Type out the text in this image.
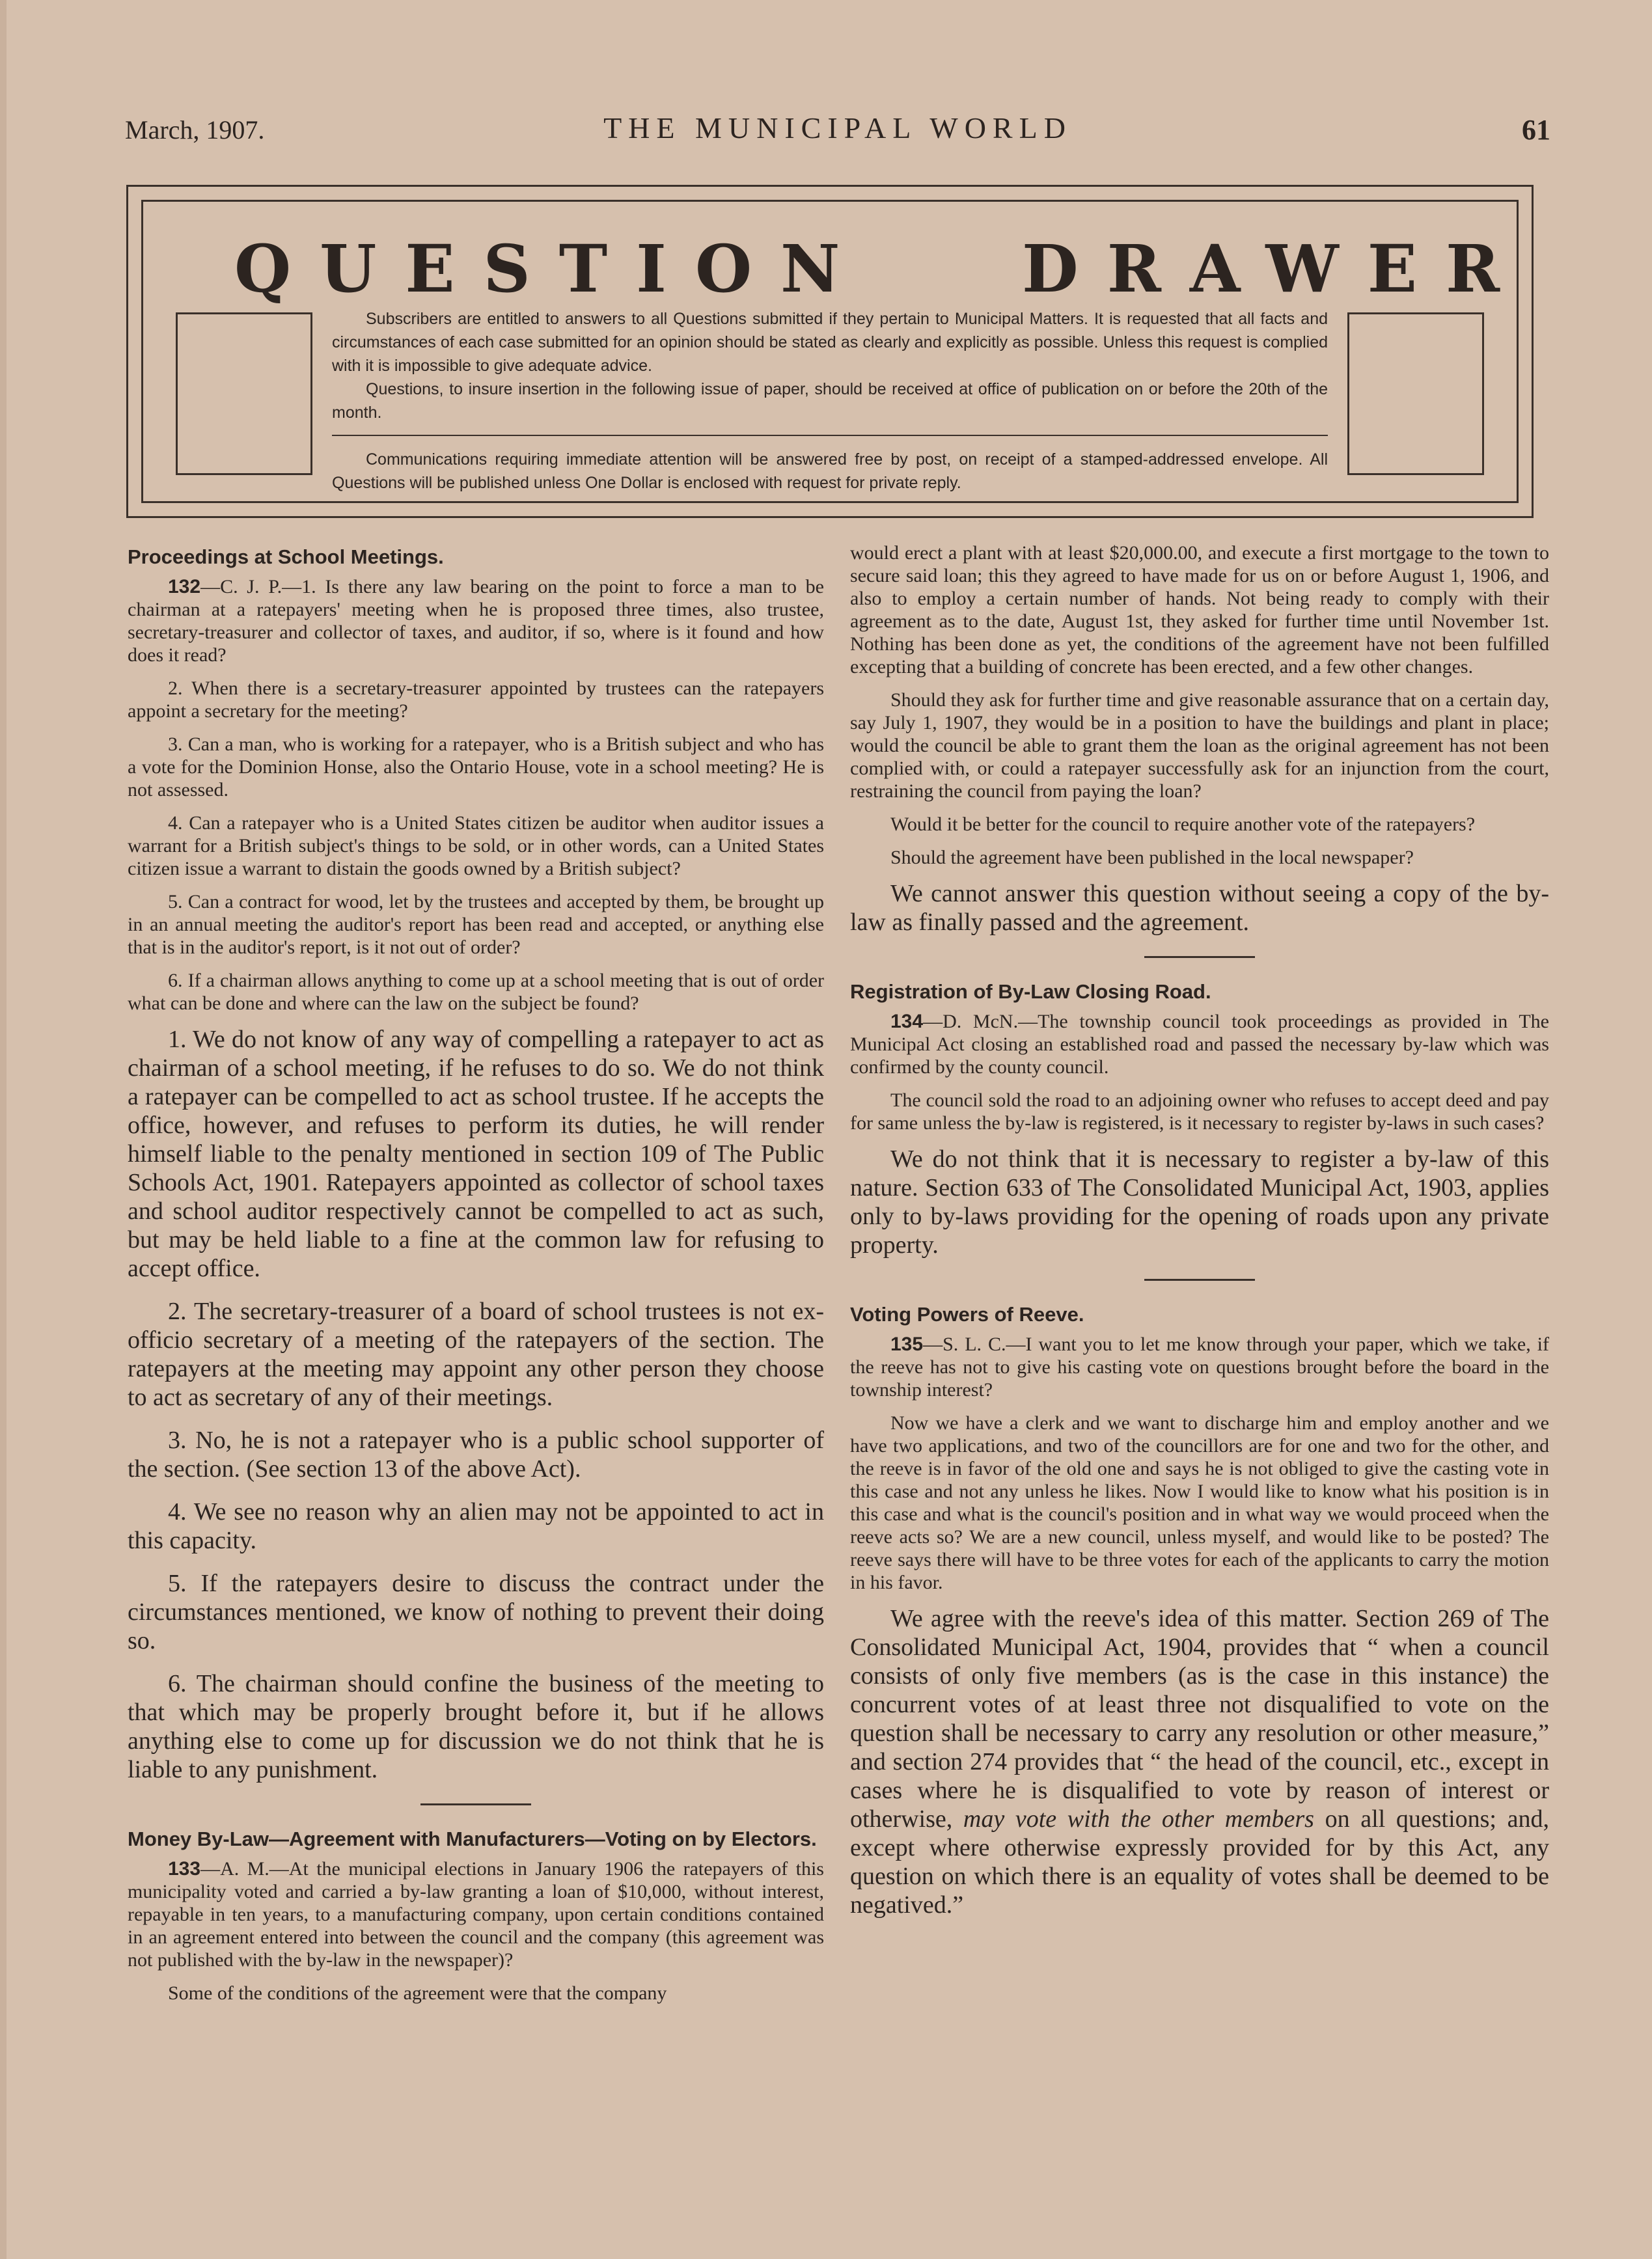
March, 1907.	THE MUNICIPAL WORLD	61
QUESTION DRAWER

Subscribers are entitled to answers to all Questions submitted if they pertain to Municipal Matters. It is requested that all facts and circumstances of each case submitted for an opinion should be stated as clearly and explicitly as possible. Unless this request is complied with it is impossible to give adequate advice.

Questions, to insure insertion in the following issue of paper, should be received at office of publication on or before the 20th of the month.

Communications requiring immediate attention will be answered free by post, on receipt of a stamped-addressed envelope. All Questions will be published unless One Dollar is enclosed with request for private reply.

Proceedings at School Meetings.

132—C. J. P.—1. Is there any law bearing on the point to force a man to be chairman at a ratepayers' meeting when he is proposed three times, also trustee, secretary-treasurer and collector of taxes, and auditor, if so, where is it found and how does it read?

2. When there is a secretary-treasurer appointed by trustees can the ratepayers appoint a secretary for the meeting?

3. Can a man, who is working for a ratepayer, who is a British subject and who has a vote for the Dominion Honse, also the Ontario House, vote in a school meeting? He is not assessed.

4. Can a ratepayer who is a United States citizen be auditor when auditor issues a warrant for a British subject's things to be sold, or in other words, can a United States citizen issue a warrant to distain the goods owned by a British subject?

5. Can a contract for wood, let by the trustees and accepted by them, be brought up in an annual meeting the auditor's report has been read and accepted, or anything else that is in the auditor's report, is it not out of order?

6. If a chairman allows anything to come up at a school meeting that is out of order what can be done and where can the law on the subject be found?

1. We do not know of any way of compelling a ratepayer to act as chairman of a school meeting, if he refuses to do so. We do not think a ratepayer can be compelled to act as school trustee. If he accepts the office, however, and refuses to perform its duties, he will render himself liable to the penalty mentioned in section 109 of The Public Schools Act, 1901. Ratepayers appointed as collector of school taxes and school auditor respectively cannot be compelled to act as such, but may be held liable to a fine at the common law for refusing to accept office.

2. The secretary-treasurer of a board of school trustees is not ex-officio secretary of a meeting of the ratepayers of the section. The ratepayers at the meeting may appoint any other person they choose to act as secretary of any of their meetings.

3. No, he is not a ratepayer who is a public school supporter of the section. (See section 13 of the above Act).

4. We see no reason why an alien may not be appointed to act in this capacity.

5. If the ratepayers desire to discuss the contract under the circumstances mentioned, we know of nothing to prevent their doing so.

6. The chairman should confine the business of the meeting to that which may be properly brought before it, but if he allows anything else to come up for discussion we do not think that he is liable to any punishment.

Money By-Law—Agreement with Manufacturers—Voting on by Electors.

133—A. M.—At the municipal elections in January 1906 the ratepayers of this municipality voted and carried a by-law granting a loan of $10,000, without interest, repayable in ten years, to a manufacturing company, upon certain conditions contained in an agreement entered into between the council and the company (this agreement was not published with the by-law in the newspaper)?

Some of the conditions of the agreement were that the company

would erect a plant with at least $20,000.00, and execute a first mortgage to the town to secure said loan; this they agreed to have made for us on or before August 1, 1906, and also to employ a certain number of hands. Not being ready to comply with their agreement as to the date, August 1st, they asked for further time until November 1st. Nothing has been done as yet, the conditions of the agreement have not been fulfilled excepting that a building of concrete has been erected, and a few other changes.

Should they ask for further time and give reasonable assurance that on a certain day, say July 1, 1907, they would be in a position to have the buildings and plant in place; would the council be able to grant them the loan as the original agreement has not been complied with, or could a ratepayer successfully ask for an injunction from the court, restraining the council from paying the loan?

Would it be better for the council to require another vote of the ratepayers?

Should the agreement have been published in the local newspaper?

We cannot answer this question without seeing a copy of the by-law as finally passed and the agreement.

Registration of By-Law Closing Road.

134—D. McN.—The township council took proceedings as provided in The Municipal Act closing an established road and passed the necessary by-law which was confirmed by the county council.

The council sold the road to an adjoining owner who refuses to accept deed and pay for same unless the by-law is registered, is it necessary to register by-laws in such cases?

We do not think that it is necessary to register a by-law of this nature. Section 633 of The Consolidated Municipal Act, 1903, applies only to by-laws providing for the opening of roads upon any private property.

Voting Powers of Reeve.

135—S. L. C.—I want you to let me know through your paper, which we take, if the reeve has not to give his casting vote on questions brought before the board in the township interest?

Now we have a clerk and we want to discharge him and employ another and we have two applications, and two of the councillors are for one and two for the other, and the reeve is in favor of the old one and says he is not obliged to give the casting vote in this case and not any unless he likes. Now I would like to know what his position is in this case and what is the council's position and in what way we would proceed when the reeve acts so? We are a new council, unless myself, and would like to be posted? The reeve says there will have to be three votes for each of the applicants to carry the motion in his favor.

We agree with the reeve's idea of this matter. Section 269 of The Consolidated Municipal Act, 1904, provides that “ when a council consists of only five members (as is the case in this instance) the concurrent votes of at least three not disqualified to vote on the question shall be necessary to carry any resolution or other measure,” and section 274 provides that “ the head of the council, etc., except in cases where he is disqualified to vote by reason of interest or otherwise, may vote with the other members on all questions; and, except where otherwise expressly provided for by this Act, any question on which there is an equality of votes shall be deemed to be negatived.”
